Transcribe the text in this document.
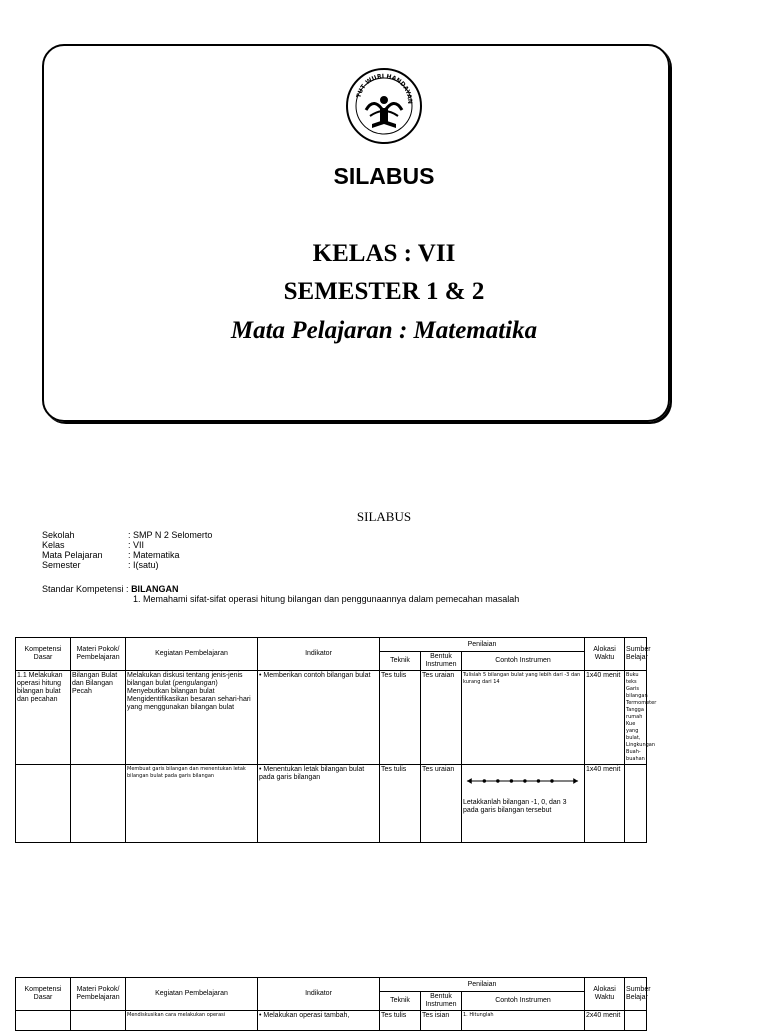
TUT WURI HANDAYAN
SILABUS
KELAS : VII
SEMESTER 1 & 2
Mata Pelajaran : Matematika
SILABUS
Sekolah	: SMP N 2 Selomerto
Kelas	: VII
Mata Pelajaran	: Matematika
Semester	: I(satu)
Standar Kompetensi : BILANGAN
1. Memahami sifat-sifat operasi hitung bilangan dan penggunaannya dalam pemecahan masalah
Kompetensi Dasar	Materi Pokok/ Pembelajaran	Kegiatan Pembelajaran	Indikator	Penilaian			Alokasi Waktu	Sumber Belajar
				Teknik	Bentuk Instrumen	Contoh Instrumen		
1.1 Melakukan operasi hitung bilangan bulat dan pecahan	Bilangan Bulat dan Bilangan Pecah	Melakukan diskusi tentang jenis-jenis bilangan bulat (pengulangan) Menyebutkan bilangan bulat Mengidentifikasikan besaran sehari-hari yang menggunakan bilangan bulat	• Memberikan contoh bilangan bulat	Tes tulis	Tes uraian	Tulislah 5 bilangan bulat yang lebih dari -3 dan kurang dari 14	1x40 menit	Buku teks Garis bilangan Termometer Tangga rumah Kue yang bulat, Lingkungan Buah-buahan
		Membuat garis bilangan dan menentukan letak bilangan bulat pada garis bilangan	• Menentukan letak bilangan bulat pada garis bilangan	Tes tulis	Tes uraian	Letakkanlah bilangan -1, 0, dan 3 pada garis bilangan tersebut	1x40 menit	
Kompetensi Dasar	Materi Pokok/ Pembelajaran	Kegiatan Pembelajaran	Indikator	Penilaian			Alokasi Waktu	Sumber Belajar
				Teknik	Bentuk Instrumen	Contoh Instrumen		
		Mendiskusikan cara melakukan operasi	• Melakukan operasi tambah,	Tes tulis	Tes isian	1. Hitunglah	2x40 menit	
